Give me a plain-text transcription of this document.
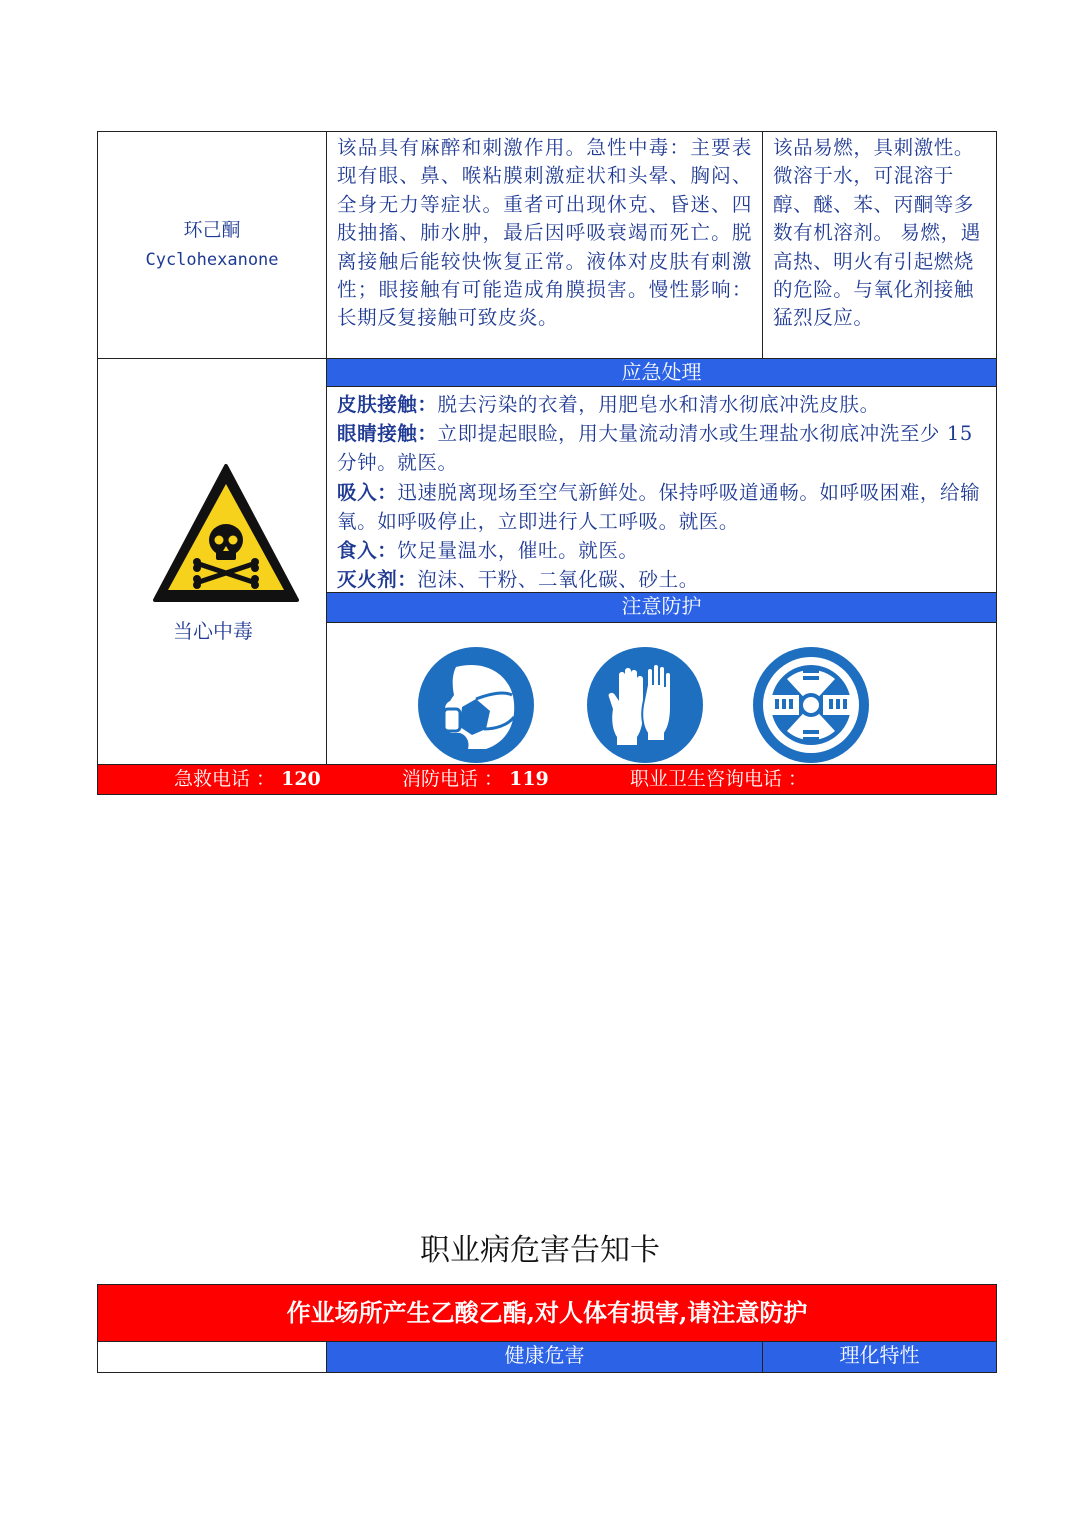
环己酮
Cyclohexanone
该品具有麻醉和刺激作用。急性中毒：主要表现有眼、鼻、喉粘膜刺激症状和头晕、胸闷、全身无力等症状。重者可出现休克、昏迷、四肢抽搐、肺水肿，最后因呼吸衰竭而死亡。脱离接触后能较快恢复正常。液体对皮肤有刺激性；眼接触有可能造成角膜损害。慢性影响：长期反复接触可致皮炎。
该品易燃，具刺激性。微溶于水，可混溶于醇、醚、苯、丙酮等多数有机溶剂。 易燃，遇高热、明火有引起燃烧的危险。与氧化剂接触猛烈反应。
当心中毒
应急处理
皮肤接触：脱去污染的衣着，用肥皂水和清水彻底冲洗皮肤。
眼睛接触：立即提起眼睑，用大量流动清水或生理盐水彻底冲洗至少 15 分钟。就医。
吸入：迅速脱离现场至空气新鲜处。保持呼吸道通畅。如呼吸困难，给输氧。如呼吸停止，立即进行人工呼吸。就医。
食入：饮足量温水，催吐。就医。
灭火剂：泡沫、干粉、二氧化碳、砂土。
注意防护
急救电话 ： 120	消防电话 ： 119	职业卫生咨询电话 ：
职业病危害告知卡
作业场所产生乙酸乙酯,对人体有损害,请注意防护
健康危害	理化特性
